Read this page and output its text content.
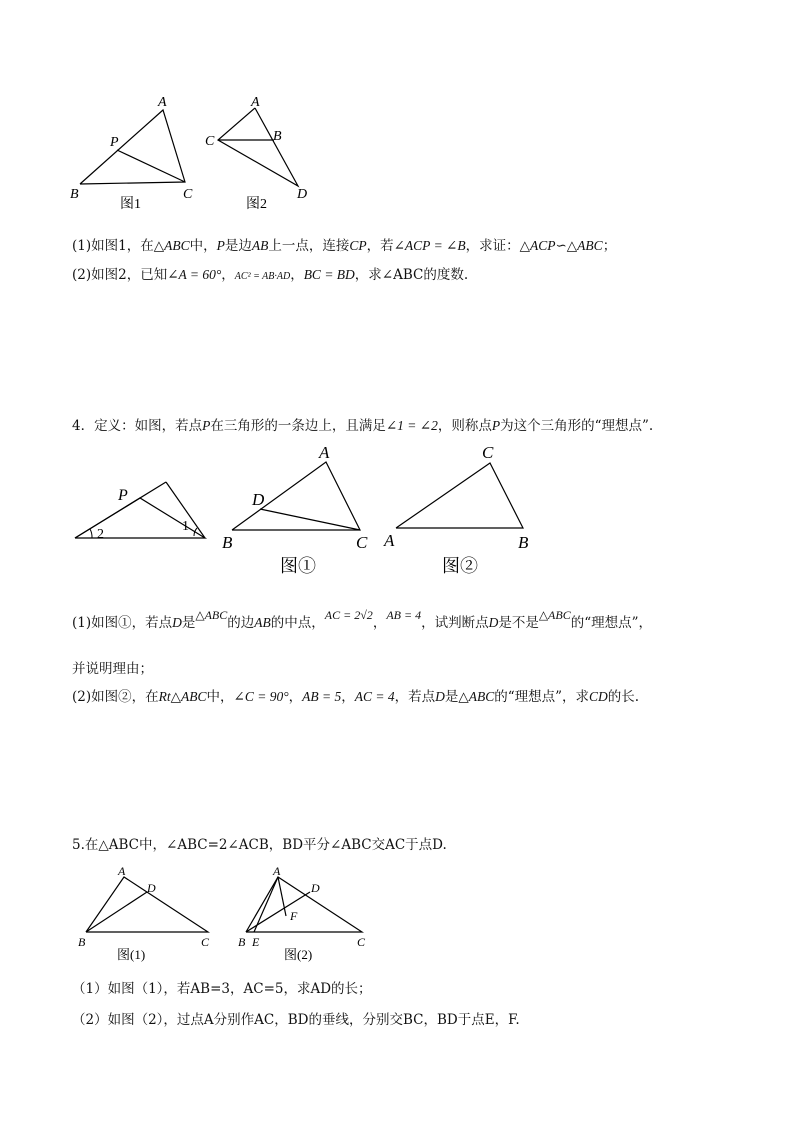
A
P
B	C
图1
A
C	B
D
图2
(1)如图1，在△ABC中，P是边AB上一点，连接CP，若∠ACP = ∠B，求证：△ACP∽△ABC；
(2)如图2，已知∠A = 60°，AC² = AB·AD，BC = BD，求∠ABC的度数.
4．定义：如图，若点P在三角形的一条边上，且满足∠1 = ∠2，则称点P为这个三角形的“理想点”.
P
2
1
A
D
B	C
图①
C
A	B
图②
(1)如图①，若点D是△ABC的边AB的中点，AC = 2√2，AB = 4，试判断点D是不是△ABC的“理想点”，
并说明理由；
(2)如图②，在Rt△ABC中，∠C = 90°，AB = 5，AC = 4，若点D是△ABC的“理想点”，求CD的长.
5.在△ABC中，∠ABC=2∠ACB，BD平分∠ABC交AC于点D.
A
D
B	C
图(1)
A
D
F
B E	C
图(2)
（1）如图（1），若AB=3，AC=5，求AD的长；
（2）如图（2），过点A分别作AC，BD的垂线，分别交BC，BD于点E，F.
